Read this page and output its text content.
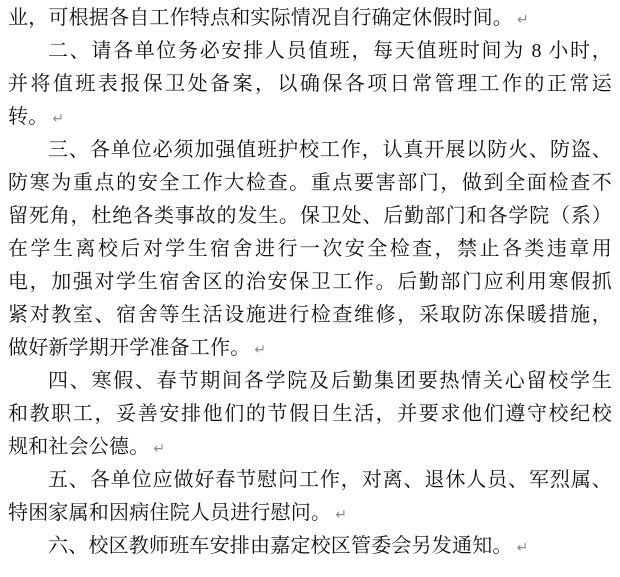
业，可根据各自工作特点和实际情况自行确定休假时间。 ↵
二、请各单位务必安排人员值班，每天值班时间为 8 小时，
并将值班表报保卫处备案，以确保各项日常管理工作的正常运
转。 ↵
三、各单位必须加强值班护校工作，认真开展以防火、防盗、
防寒为重点的安全工作大检查。重点要害部门，做到全面检查不
留死角，杜绝各类事故的发生。保卫处、后勤部门和各学院（系）
在学生离校后对学生宿舍进行一次安全检查，禁止各类违章用
电，加强对学生宿舍区的治安保卫工作。后勤部门应利用寒假抓
紧对教室、宿舍等生活设施进行检查维修，采取防冻保暖措施，
做好新学期开学准备工作。 ↵
四、寒假、春节期间各学院及后勤集团要热情关心留校学生
和教职工，妥善安排他们的节假日生活，并要求他们遵守校纪校
规和社会公德。 ↵
五、各单位应做好春节慰问工作，对离、退休人员、军烈属、
特困家属和因病住院人员进行慰问。 ↵
六、校区教师班车安排由嘉定校区管委会另发通知。 ↵
